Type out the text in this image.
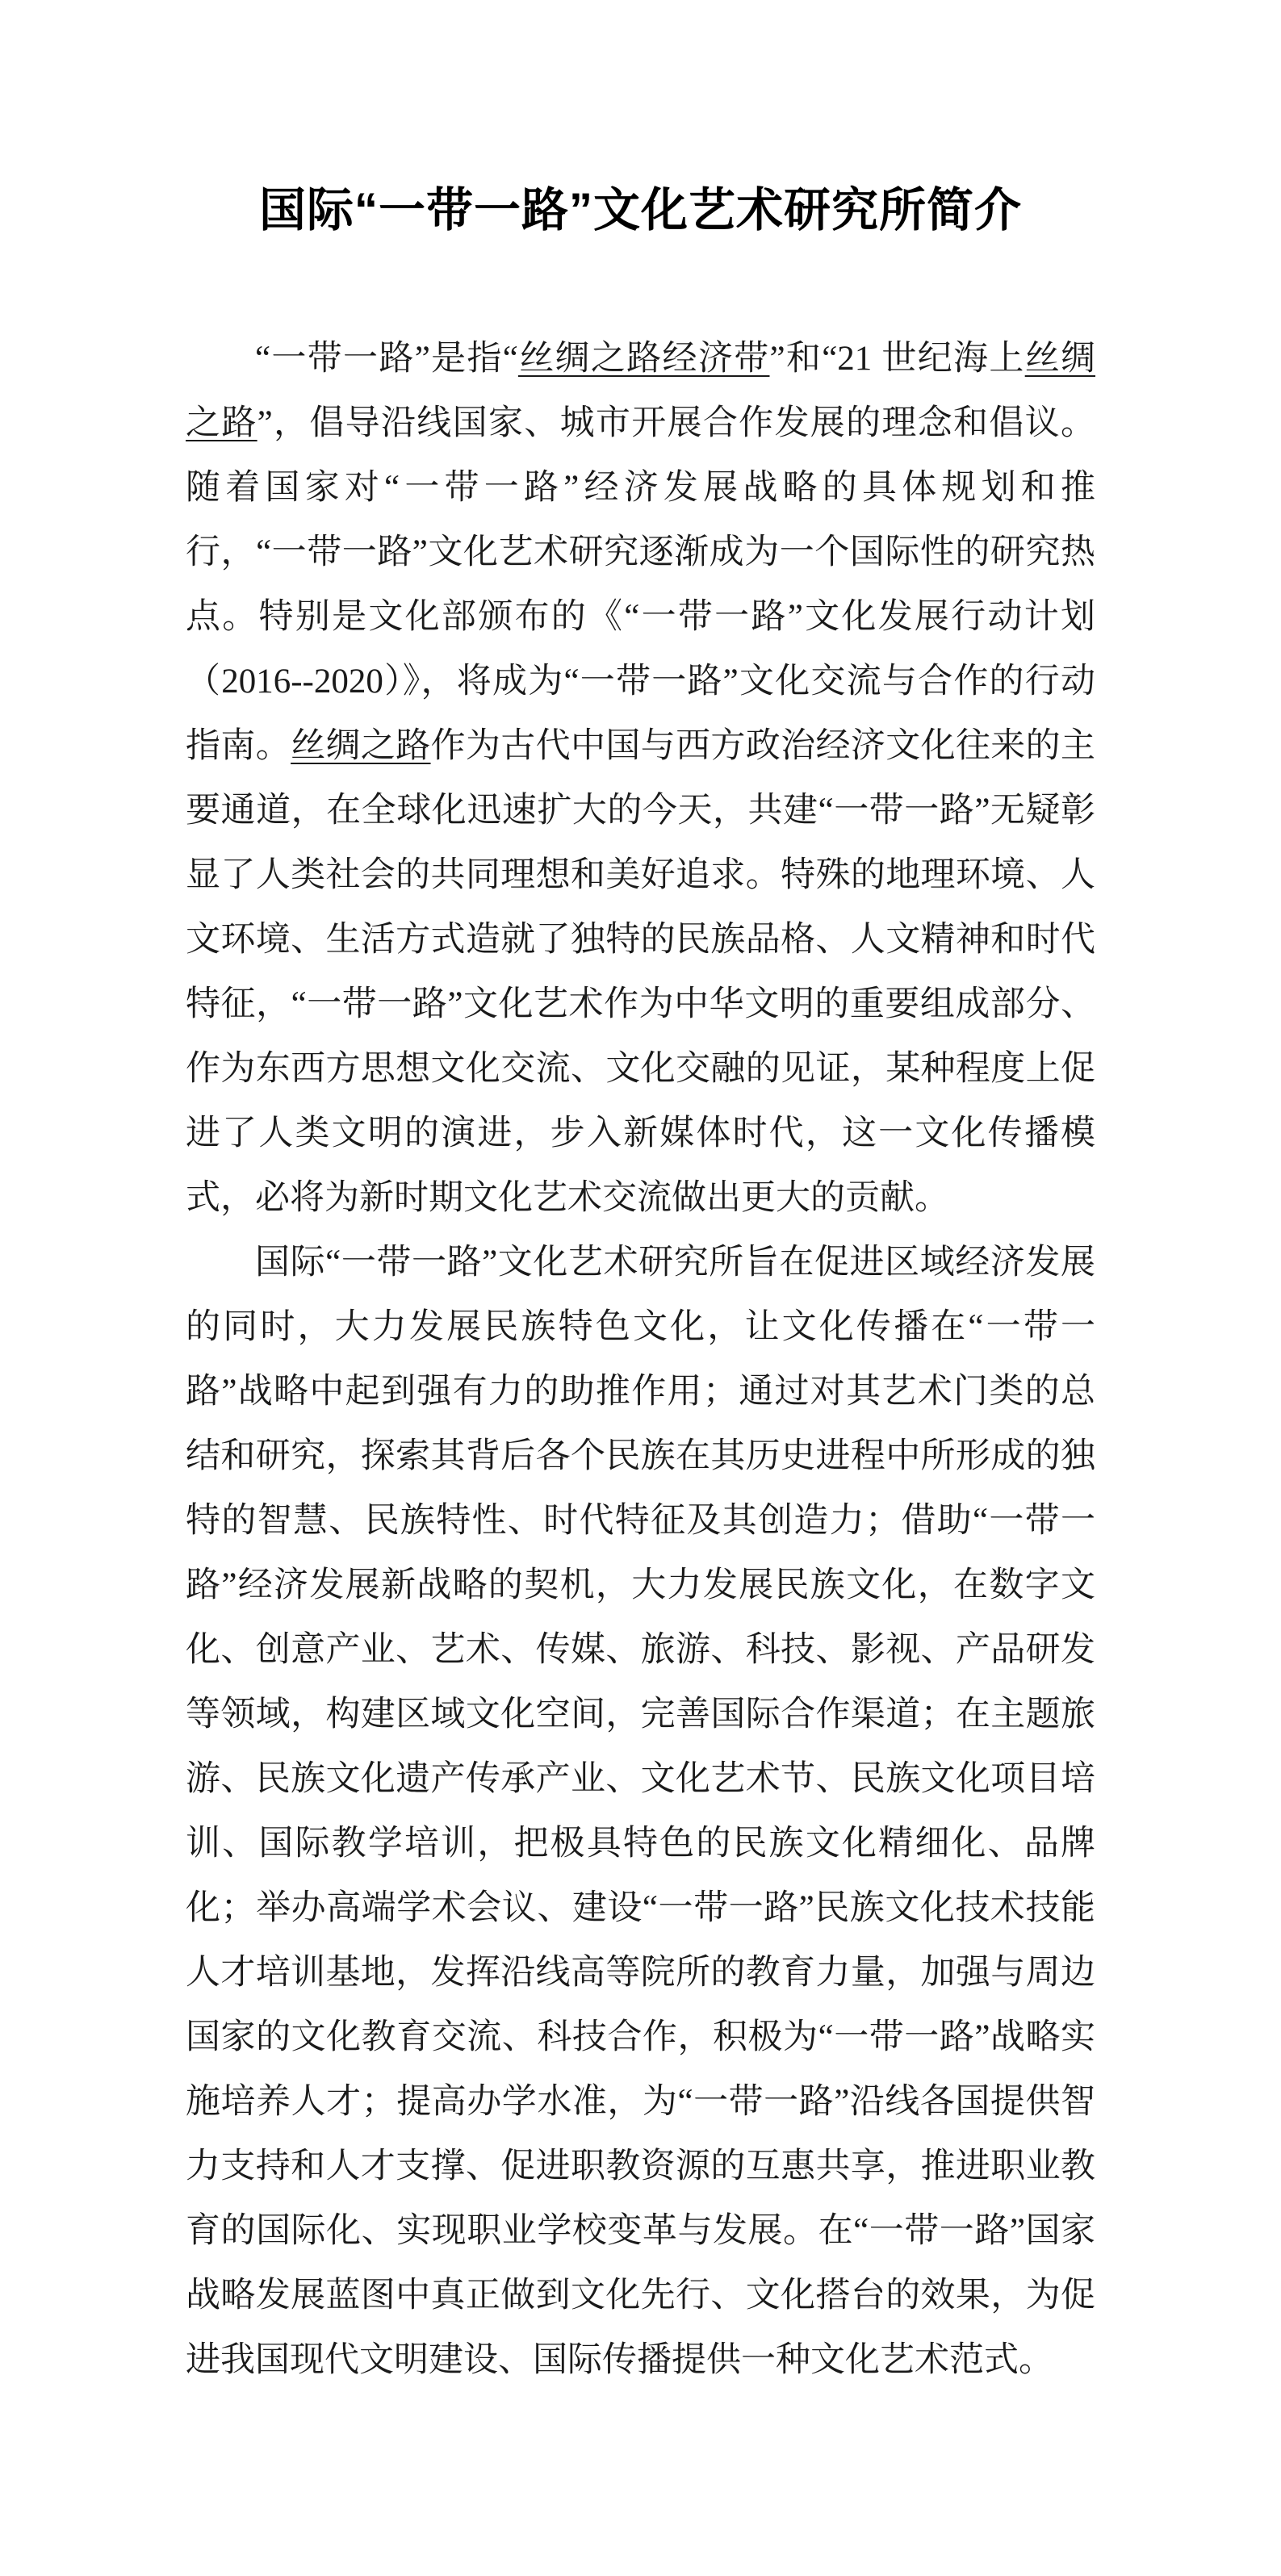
国际“一带一路”文化艺术研究所简介

“一带一路”是指“丝绸之路经济带”和“21 世纪海上丝绸之路”，倡导沿线国家、城市开展合作发展的理念和倡议。随着国家对“一带一路”经济发展战略的具体规划和推行，“一带一路”文化艺术研究逐渐成为一个国际性的研究热点。特别是文化部颁布的《“一带一路”文化发展行动计划（2016--2020）》，将成为“一带一路”文化交流与合作的行动指南。丝绸之路作为古代中国与西方政治经济文化往来的主要通道，在全球化迅速扩大的今天，共建“一带一路”无疑彰显了人类社会的共同理想和美好追求。特殊的地理环境、人文环境、生活方式造就了独特的民族品格、人文精神和时代特征，“一带一路”文化艺术作为中华文明的重要组成部分、作为东西方思想文化交流、文化交融的见证，某种程度上促进了人类文明的演进，步入新媒体时代，这一文化传播模式，必将为新时期文化艺术交流做出更大的贡献。

国际“一带一路”文化艺术研究所旨在促进区域经济发展的同时，大力发展民族特色文化，让文化传播在“一带一路”战略中起到强有力的助推作用；通过对其艺术门类的总结和研究，探索其背后各个民族在其历史进程中所形成的独特的智慧、民族特性、时代特征及其创造力；借助“一带一路”经济发展新战略的契机，大力发展民族文化，在数字文化、创意产业、艺术、传媒、旅游、科技、影视、产品研发等领域，构建区域文化空间，完善国际合作渠道；在主题旅游、民族文化遗产传承产业、文化艺术节、民族文化项目培训、国际教学培训，把极具特色的民族文化精细化、品牌化；举办高端学术会议、建设“一带一路”民族文化技术技能人才培训基地，发挥沿线高等院所的教育力量，加强与周边国家的文化教育交流、科技合作，积极为“一带一路”战略实施培养人才；提高办学水准，为“一带一路”沿线各国提供智力支持和人才支撑、促进职教资源的互惠共享，推进职业教育的国际化、实现职业学校变革与发展。在“一带一路”国家战略发展蓝图中真正做到文化先行、文化搭台的效果，为促进我国现代文明建设、国际传播提供一种文化艺术范式。
